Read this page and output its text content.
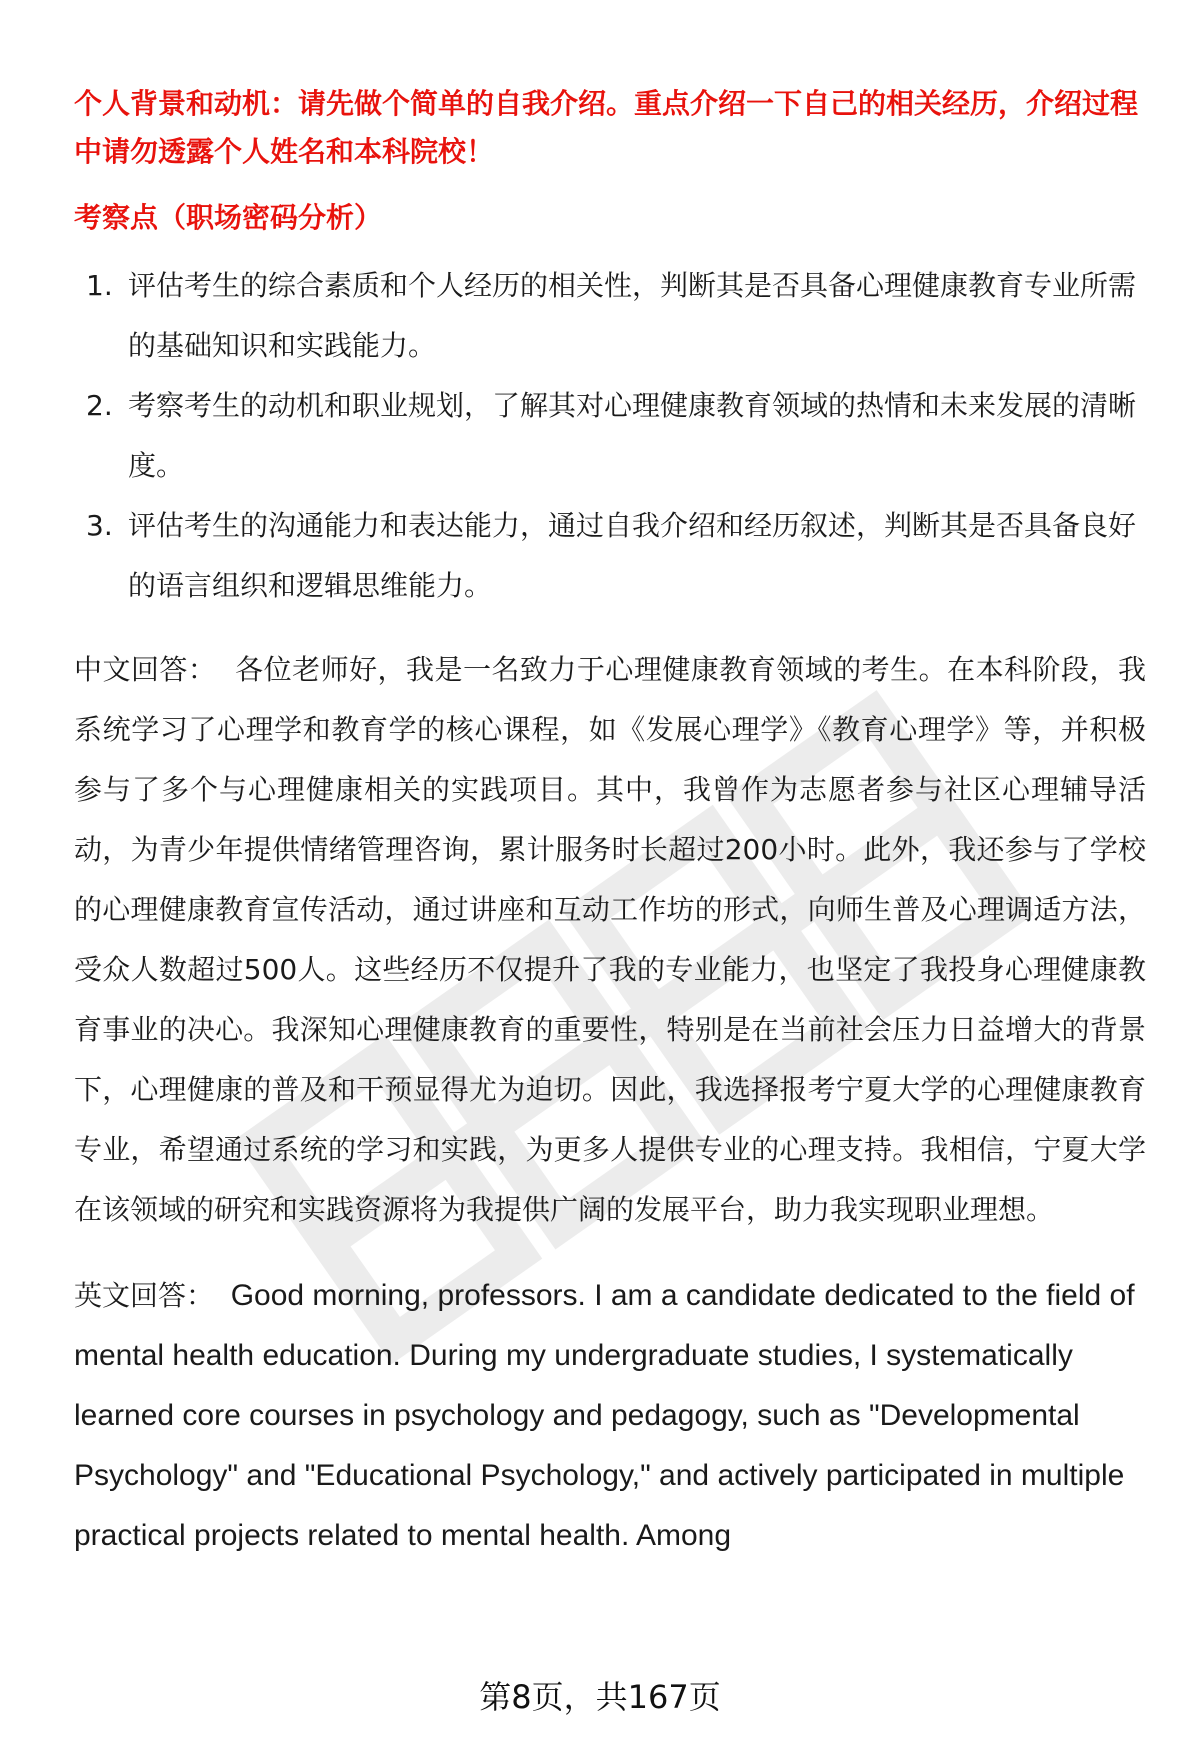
个人背景和动机：请先做个简单的自我介绍。重点介绍一下自己的相关经历，介绍过程中请勿透露个人姓名和本科院校！

考察点（职场密码分析）

1. 评估考生的综合素质和个人经历的相关性，判断其是否具备心理健康教育专业所需的基础知识和实践能力。
2. 考察考生的动机和职业规划，了解其对心理健康教育领域的热情和未来发展的清晰度。
3. 评估考生的沟通能力和表达能力，通过自我介绍和经历叙述，判断其是否具备良好的语言组织和逻辑思维能力。

中文回答： 各位老师好，我是一名致力于心理健康教育领域的考生。在本科阶段，我系统学习了心理学和教育学的核心课程，如《发展心理学》《教育心理学》等，并积极参与了多个与心理健康相关的实践项目。其中，我曾作为志愿者参与社区心理辅导活动，为青少年提供情绪管理咨询，累计服务时长超过200小时。此外，我还参与了学校的心理健康教育宣传活动，通过讲座和互动工作坊的形式，向师生普及心理调适方法，受众人数超过500人。这些经历不仅提升了我的专业能力，也坚定了我投身心理健康教育事业的决心。我深知心理健康教育的重要性，特别是在当前社会压力日益增大的背景下，心理健康的普及和干预显得尤为迫切。因此，我选择报考宁夏大学的心理健康教育专业，希望通过系统的学习和实践，为更多人提供专业的心理支持。我相信，宁夏大学在该领域的研究和实践资源将为我提供广阔的发展平台，助力我实现职业理想。

英文回答： Good morning, professors. I am a candidate dedicated to the field of mental health education. During my undergraduate studies, I systematically learned core courses in psychology and pedagogy, such as "Developmental Psychology" and "Educational Psychology," and actively participated in multiple practical projects related to mental health. Among

第8页，共167页
